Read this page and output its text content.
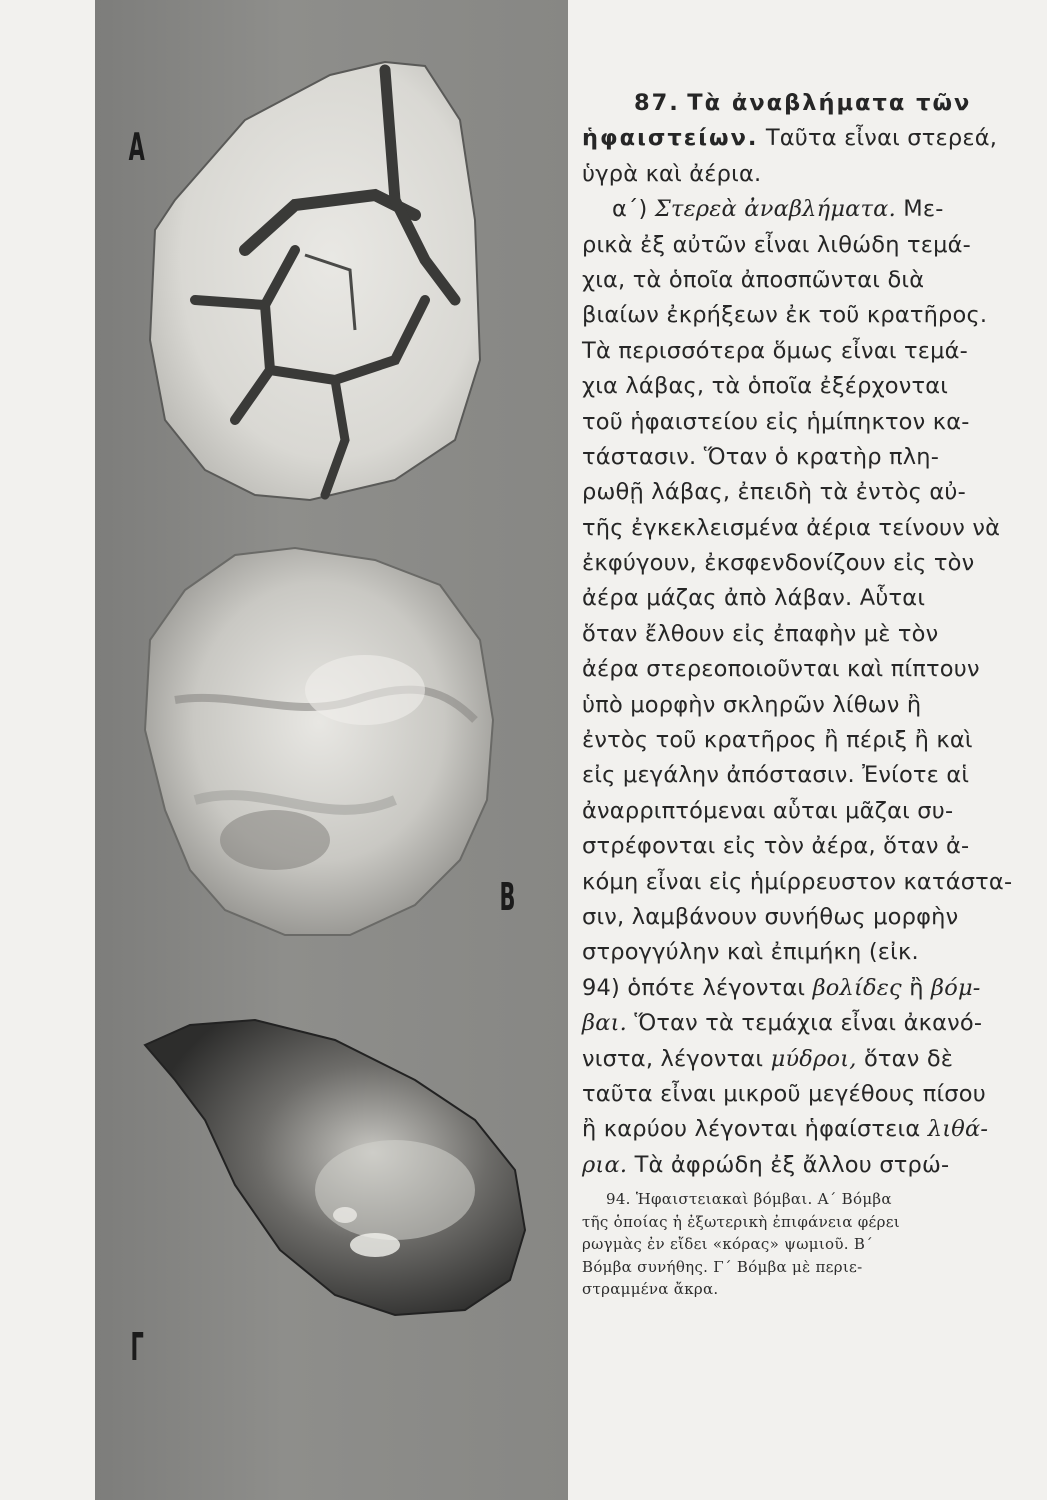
Α
Β
Γ
87. Τὰ ἀναβλήματα τῶν
ἡφαιστείων. Ταῦτα εἶναι στερεά,
ὑγρὰ καὶ ἀέρια.
α΄) Στερεὰ ἀναβλήματα. Με-
ρικὰ ἐξ αὐτῶν εἶναι λιθώδη τεμά-
χια, τὰ ὁποῖα ἀποσπῶνται διὰ
βιαίων ἐκρήξεων ἐκ τοῦ κρατῆρος.
Τὰ περισσότερα ὅμως εἶναι τεμά-
χια λάβας, τὰ ὁποῖα ἐξέρχονται
τοῦ ἡφαιστείου εἰς ἡμίπηκτον κα-
τάστασιν. Ὅταν ὁ κρατὴρ πλη-
ρωθῇ λάβας, ἐπειδὴ τὰ ἐντὸς αὐ-
τῆς ἐγκεκλεισμένα ἀέρια τείνουν νὰ
ἐκφύγουν, ἐκσφενδονίζουν εἰς τὸν
ἀέρα μάζας ἀπὸ λάβαν. Αὗται
ὅταν ἔλθουν εἰς ἐπαφὴν μὲ τὸν
ἀέρα στερεοποιοῦνται καὶ πίπτουν
ὑπὸ μορφὴν σκληρῶν λίθων ἢ
ἐντὸς τοῦ κρατῆρος ἢ πέριξ ἢ καὶ
εἰς μεγάλην ἀπόστασιν. Ἐνίοτε αἱ
ἀναρριπτόμεναι αὗται μᾶζαι συ-
στρέφονται εἰς τὸν ἀέρα, ὅταν ἀ-
κόμη εἶναι εἰς ἡμίρρευστον κατάστα-
σιν, λαμβάνουν συνήθως μορφὴν
στρογγύλην καὶ ἐπιμήκη (εἰκ.
94) ὁπότε λέγονται βολίδες ἢ βόμ-
βαι. Ὅταν τὰ τεμάχια εἶναι ἀκανό-
νιστα, λέγονται μύδροι, ὅταν δὲ
ταῦτα εἶναι μικροῦ μεγέθους πίσου
ἢ καρύου λέγονται ἡφαίστεια λιθά-
ρια. Τὰ ἀφρώδη ἐξ ἄλλου στρώ-
94. Ἡφαιστειακαὶ βόμβαι. Α΄ Βόμβα
τῆς ὁποίας ἡ ἐξωτερικὴ ἐπιφάνεια φέρει
ρωγμὰς ἐν εἴδει «κόρας» ψωμιοῦ. Β΄
Βόμβα συνήθης. Γ΄ Βόμβα μὲ περιε-
στραμμένα ἄκρα.
